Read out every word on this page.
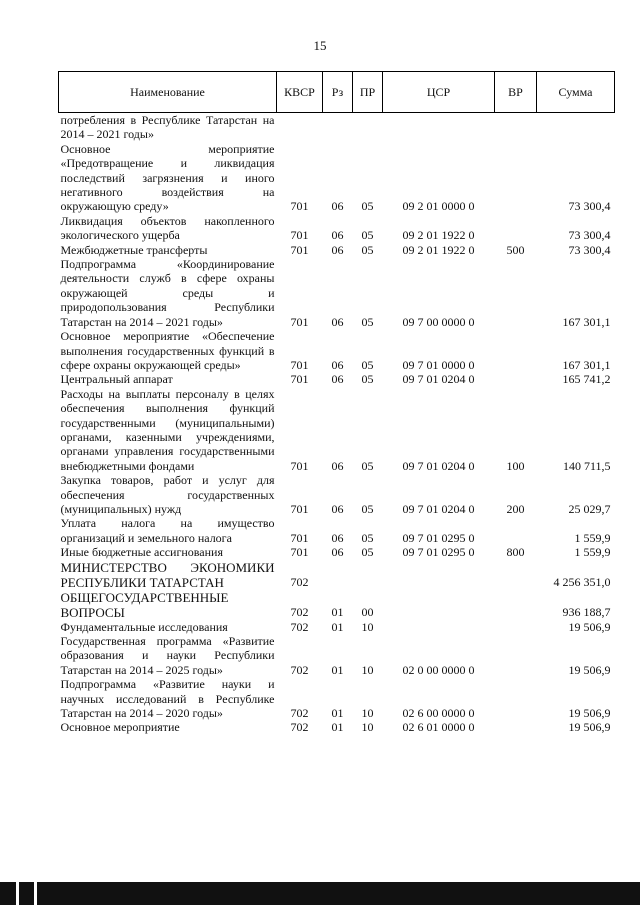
15
Наименование	КВСР	Рз	ПР	ЦСР	ВР	Сумма
потребления в Республике Татарстан на 2014 – 2021 годы»						
Основное мероприятие «Предотвращение и ликвидация последствий загрязнения и иного негативного воздействия на окружающую среду»	701	06	05	09 2 01 0000 0		73 300,4
Ликвидация объектов накопленного экологического ущерба	701	06	05	09 2 01 1922 0		73 300,4
Межбюджетные трансферты	701	06	05	09 2 01 1922 0	500	73 300,4
Подпрограмма «Координирование деятельности служб в сфере охраны окружающей среды и природопользования Республики Татарстан на 2014 – 2021 годы»	701	06	05	09 7 00 0000 0		167 301,1
Основное мероприятие «Обеспечение выполнения государственных функций в сфере охраны окружающей среды»	701	06	05	09 7 01 0000 0		167 301,1
Центральный аппарат	701	06	05	09 7 01 0204 0		165 741,2
Расходы на выплаты персоналу в целях обеспечения выполнения функций государственными (муниципальными) органами, казенными учреждениями, органами управления государственными внебюджетными фондами	701	06	05	09 7 01 0204 0	100	140 711,5
Закупка товаров, работ и услуг для обеспечения государственных (муниципальных) нужд	701	06	05	09 7 01 0204 0	200	25 029,7
Уплата налога на имущество организаций и земельного налога	701	06	05	09 7 01 0295 0		1 559,9
Иные бюджетные ассигнования	701	06	05	09 7 01 0295 0	800	1 559,9
МИНИСТЕРСТВО ЭКОНОМИКИ РЕСПУБЛИКИ ТАТАРСТАН	702					4 256 351,0
ОБЩЕГОСУДАРСТВЕННЫЕ ВОПРОСЫ	702	01	00			936 188,7
Фундаментальные исследования	702	01	10			19 506,9
Государственная программа «Развитие образования и науки Республики Татарстан на 2014 – 2025 годы»	702	01	10	02 0 00 0000 0		19 506,9
Подпрограмма «Развитие науки и научных исследований в Республике Татарстан на 2014 – 2020 годы»	702	01	10	02 6 00 0000 0		19 506,9
Основное мероприятие	702	01	10	02 6 01 0000 0		19 506,9
